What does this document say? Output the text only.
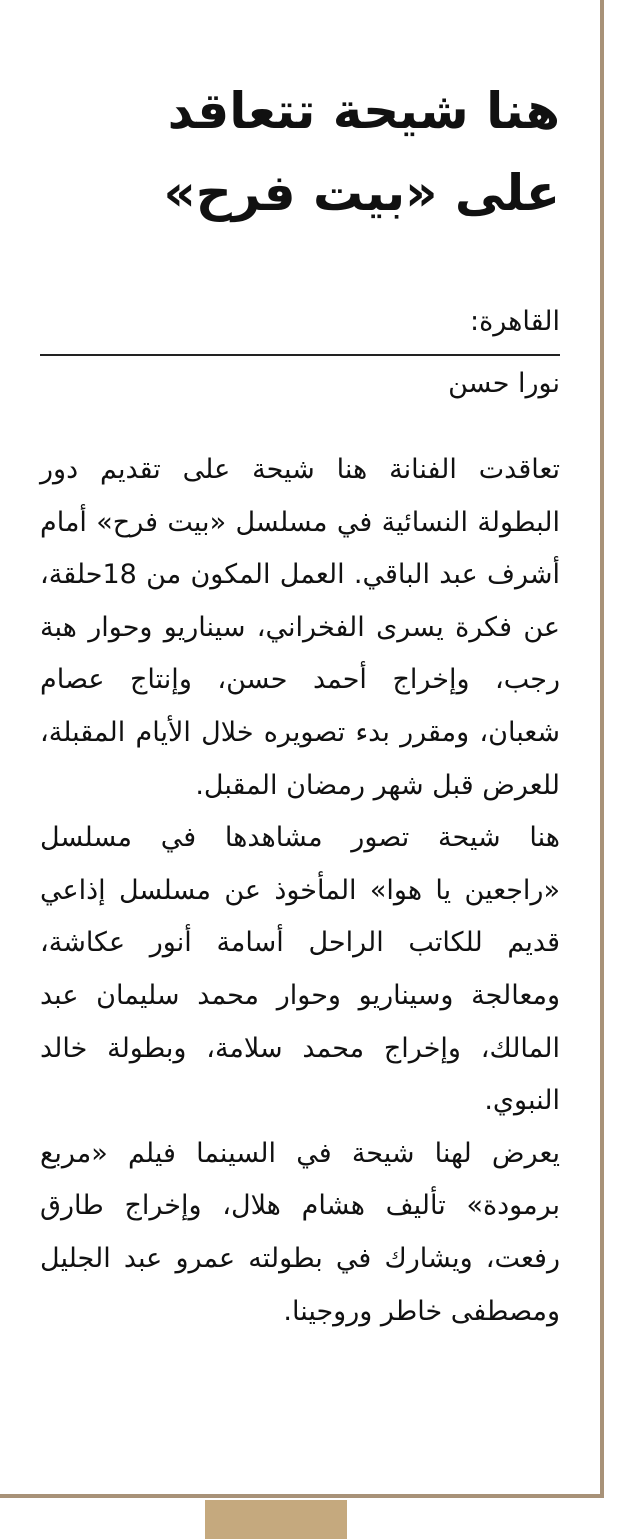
هنا شيحة تتعاقد
على «بيت فرح»
القاهرة:
نورا حسن

تعاقدت الفنانة هنا شيحة على تقديم دور البطولة النسائية في مسلسل «بيت فرح» أمام أشرف عبد الباقي. العمل المكون من 18حلقة، عن فكرة يسرى الفخراني، سيناريو وحوار هبة رجب، وإخراج أحمد حسن، وإنتاج عصام شعبان، ومقرر بدء تصويره خلال الأيام المقبلة، للعرض قبل شهر رمضان المقبل.

هنا شيحة تصور مشاهدها في مسلسل «راجعين يا هوا» المأخوذ عن مسلسل إذاعي قديم للكاتب الراحل أسامة أنور عكاشة، ومعالجة وسيناريو وحوار محمد سليمان عبد المالك، وإخراج محمد سلامة، وبطولة خالد النبوي.

يعرض لهنا شيحة في السينما فيلم «مربع برمودة» تأليف هشام هلال، وإخراج طارق رفعت، ويشارك في بطولته عمرو عبد الجليل ومصطفى خاطر وروجينا.
